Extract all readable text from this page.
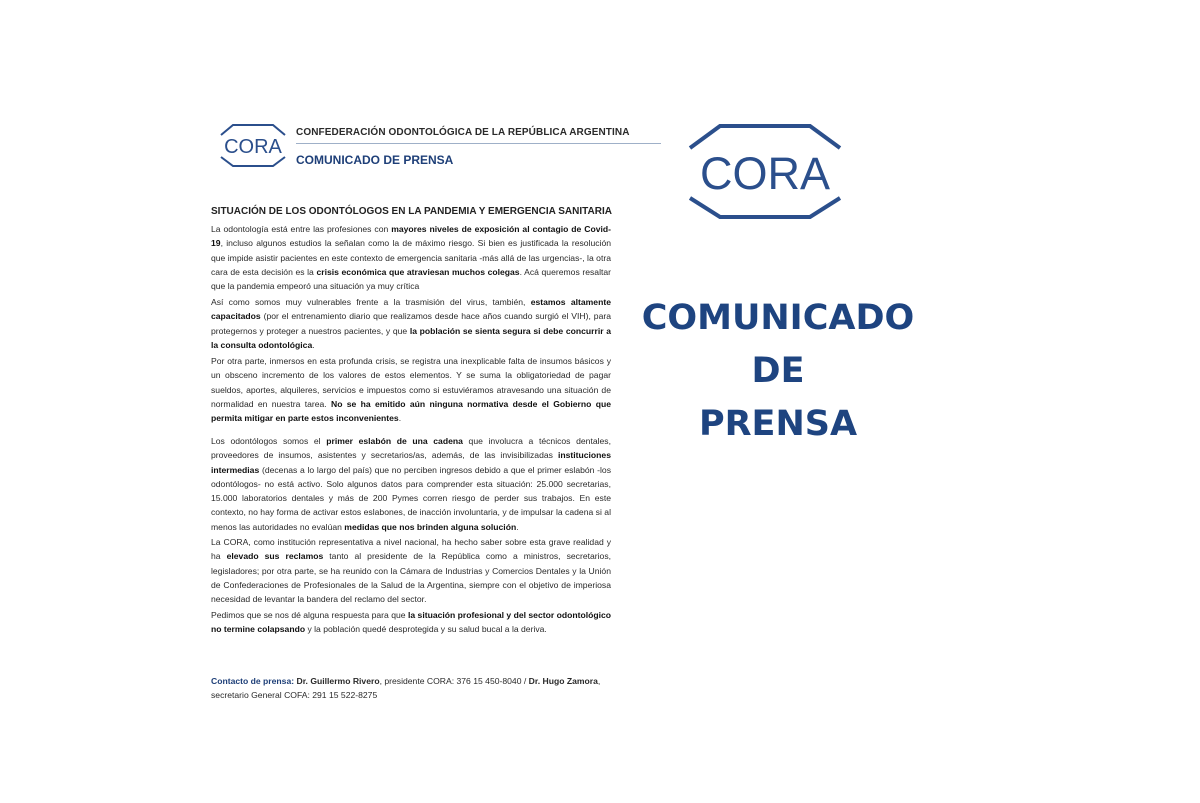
CORA
CONFEDERACIÓN ODONTOLÓGICA DE LA REPÚBLICA ARGENTINA
COMUNICADO DE PRENSA
SITUACIÓN DE LOS ODONTÓLOGOS EN LA PANDEMIA Y EMERGENCIA SANITARIA

La odontología está entre las profesiones con mayores niveles de exposición al contagio de Covid-19, incluso algunos estudios la señalan como la de máximo riesgo. Si bien es justificada la resolución que impide asistir pacientes en este contexto de emergencia sanitaria -más allá de las urgencias-, la otra cara de esta decisión es la crisis económica que atraviesan muchos colegas. Acá queremos resaltar que la pandemia empeoró una situación ya muy crítica

Así como somos muy vulnerables frente a la trasmisión del virus, también, estamos altamente capacitados (por el entrenamiento diario que realizamos desde hace años cuando surgió el VIH), para protegernos y proteger a nuestros pacientes, y que la población se sienta segura si debe concurrir a la consulta odontológica.

Por otra parte, inmersos en esta profunda crisis, se registra una inexplicable falta de insumos básicos y un obsceno incremento de los valores de estos elementos. Y se suma la obligatoriedad de pagar sueldos, aportes, alquileres, servicios e impuestos como si estuviéramos atravesando una situación de normalidad en nuestra tarea. No se ha emitido aún ninguna normativa desde el Gobierno que permita mitigar en parte estos inconvenientes.

Los odontólogos somos el primer eslabón de una cadena que involucra a técnicos dentales, proveedores de insumos, asistentes y secretarios/as, además, de las invisibilizadas instituciones intermedias (decenas a lo largo del país) que no perciben ingresos debido a que el primer eslabón -los odontólogos- no está activo. Solo algunos datos para comprender esta situación: 25.000 secretarias, 15.000 laboratorios dentales y más de 200 Pymes corren riesgo de perder sus trabajos. En este contexto, no hay forma de activar estos eslabones, de inacción involuntaria, y de impulsar la cadena si al menos las autoridades no evalúan medidas que nos brinden alguna solución.

La CORA, como institución representativa a nivel nacional, ha hecho saber sobre esta grave realidad y ha elevado sus reclamos tanto al presidente de la República como a ministros, secretarios, legisladores; por otra parte, se ha reunido con la Cámara de Industrias y Comercios Dentales y la Unión de Confederaciones de Profesionales de la Salud de la Argentina, siempre con el objetivo de imperiosa necesidad de levantar la bandera del reclamo del sector.

Pedimos que se nos dé alguna respuesta para que la situación profesional y del sector odontológico no termine colapsando y la población quedé desprotegida y su salud bucal a la deriva.

Contacto de prensa: Dr. Guillermo Rivero, presidente CORA: 376 15 450-8040 / Dr. Hugo Zamora, secretario General COFA: 291 15 522-8275

CORA
COMUNICADO
DE
PRENSA
